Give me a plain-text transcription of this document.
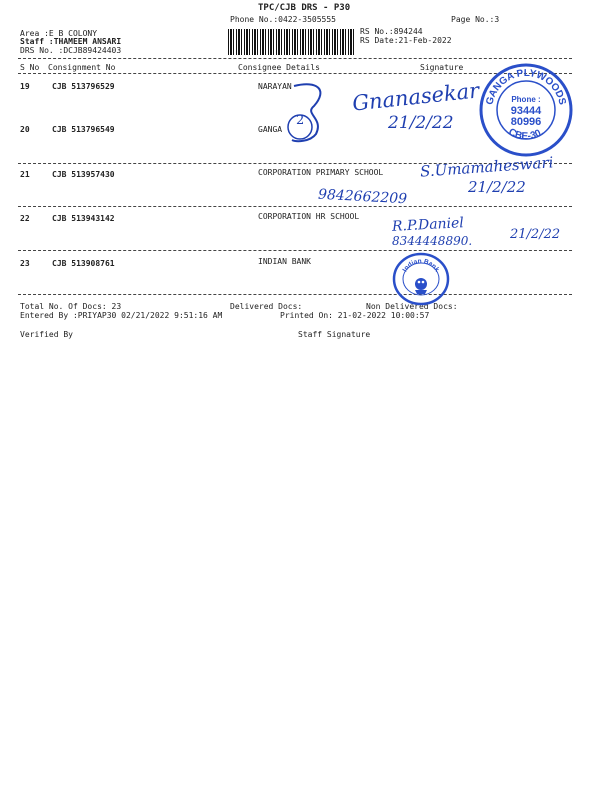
TPC/CJB DRS - P30
Phone No.:0422-3505555	Page No.:3
Area :E B COLONY
Staff :THAMEEM ANSARI
DRS No. :DCJB89424403
RS No.:894244
RS Date:21-Feb-2022
S No Consignment No	Consignee Details	Signature
19	CJB 513796529	NARAYAN
20	CJB 513796549	GANGA
21	CJB 513957430	CORPORATION PRIMARY SCHOOL
22	CJB 513943142	CORPORATION HR SCHOOL
23	CJB 513908761	INDIAN BANK
Total No. Of Docs: 23	Delivered Docs:	Non Delivered Docs:
Entered By :PRIYAP30 02/21/2022 9:51:16 AM	Printed On: 21-02-2022 10:00:57
Verified By	Staff Signature
2
Gnanasekar
21/2/22
GANGA PLYWOODS
CBE-30.
Phone :
93444
80996
S.Umamaheswari
9842662209	21/2/22
R.P.Daniel
8344448890.	21/2/22
Indian Bank
